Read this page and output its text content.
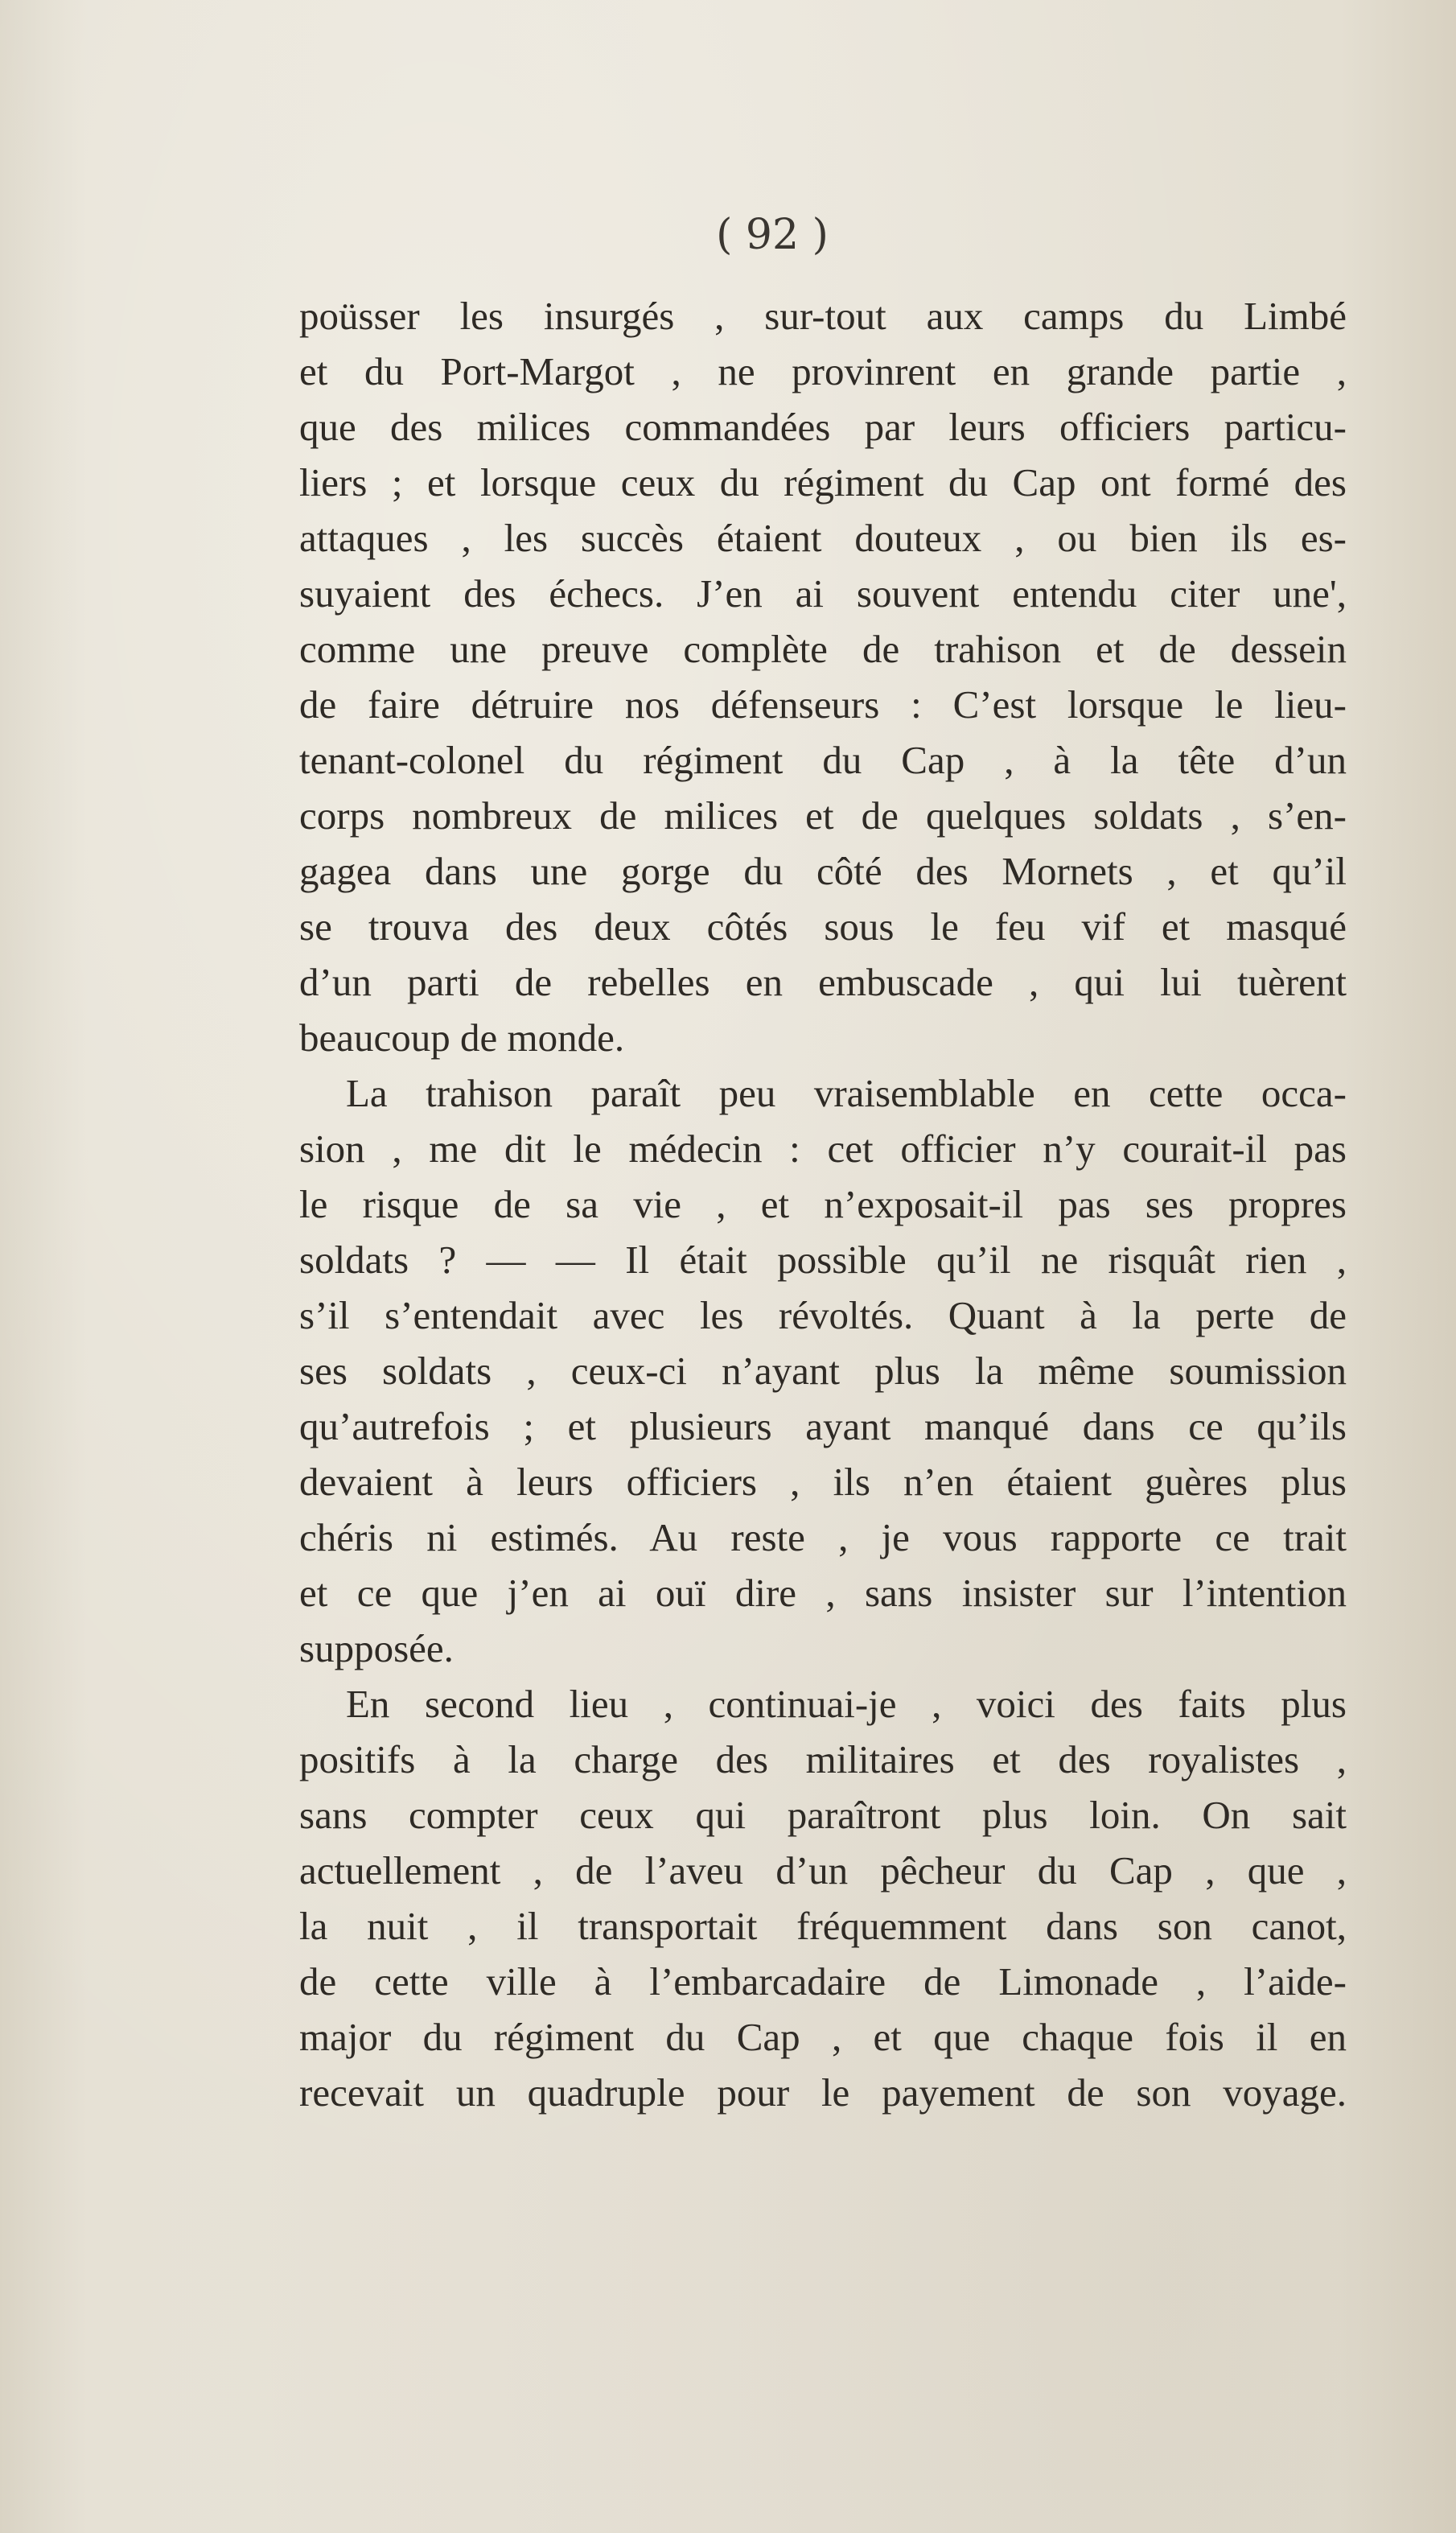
( 92 )
poüsser les insurgés , sur-tout aux camps du Limbé
et du Port-Margot , ne provinrent en grande partie ,
que des milices commandées par leurs officiers particu-
liers ; et lorsque ceux du régiment du Cap ont formé des
attaques , les succès étaient douteux , ou bien ils es-
suyaient des échecs. J’en ai souvent entendu citer une',
comme une preuve complète de trahison et de dessein
de faire détruire nos défenseurs : C’est lorsque le lieu-
tenant-colonel du régiment du Cap , à la tête d’un
corps nombreux de milices et de quelques soldats , s’en-
gagea dans une gorge du côté des Mornets , et qu’il
se trouva des deux côtés sous le feu vif et masqué
d’un parti de rebelles en embuscade , qui lui tuèrent
beaucoup de monde.
La trahison paraît peu vraisemblable en cette occa-
sion , me dit le médecin : cet officier n’y courait-il pas
le risque de sa vie , et n’exposait-il pas ses propres
soldats ? — — Il était possible qu’il ne risquât rien ,
s’il s’entendait avec les révoltés. Quant à la perte de
ses soldats , ceux-ci n’ayant plus la même soumission
qu’autrefois ; et plusieurs ayant manqué dans ce qu’ils
devaient à leurs officiers , ils n’en étaient guères plus
chéris ni estimés. Au reste , je vous rapporte ce trait
et ce que j’en ai ouï dire , sans insister sur l’intention
supposée.
En second lieu , continuai-je , voici des faits plus
positifs à la charge des militaires et des royalistes ,
sans compter ceux qui paraîtront plus loin. On sait
actuellement , de l’aveu d’un pêcheur du Cap , que ,
la nuit , il transportait fréquemment dans son canot,
de cette ville à l’embarcadaire de Limonade , l’aide-
major du régiment du Cap , et que chaque fois il en
recevait un quadruple pour le payement de son voyage.
